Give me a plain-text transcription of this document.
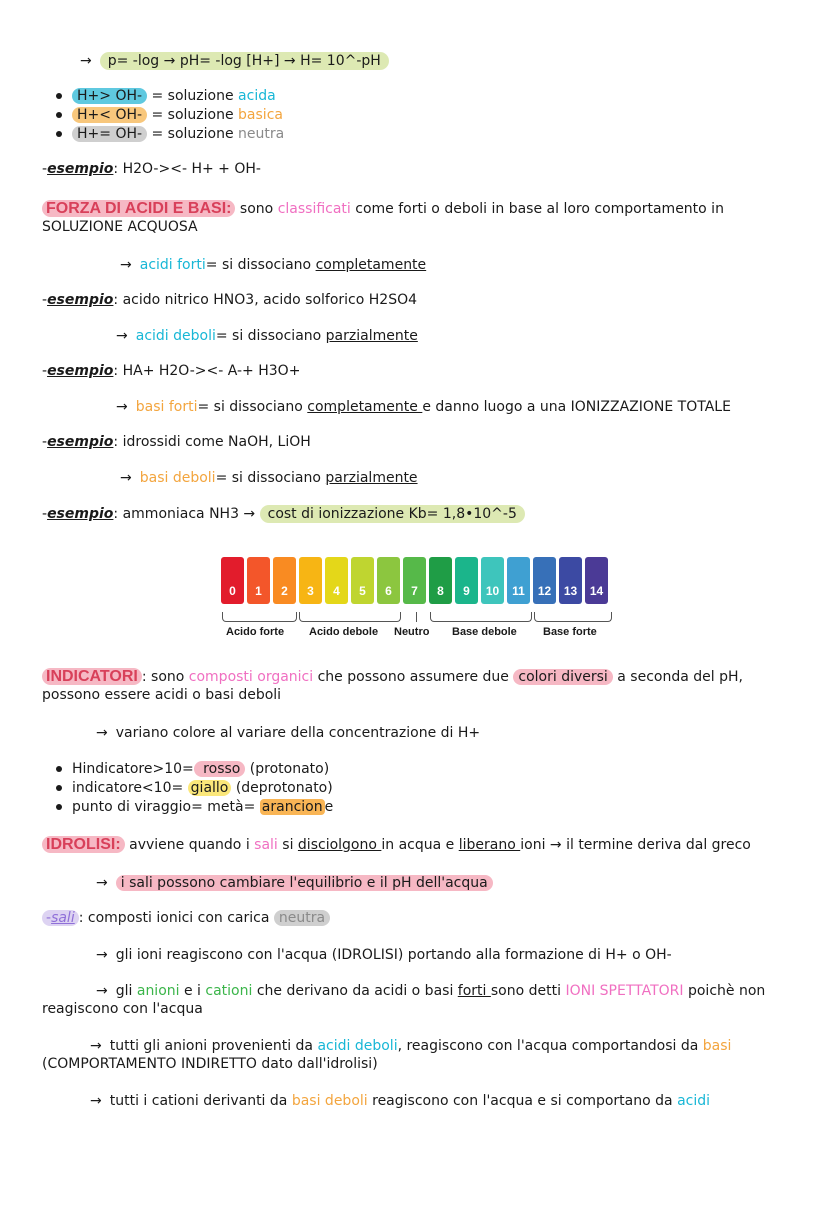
→ p= -log → pH= -log [H+] → H= 10^-pH
H+> OH- = soluzione acida
H+< OH- = soluzione basica
H+= OH- = soluzione neutra
-esempio: H2O-><- H+ + OH-
FORZA DI ACIDI E BASI: sono classificati come forti o deboli in base al loro comportamento in SOLUZIONE ACQUOSA
→ acidi forti= si dissociano completamente
-esempio: acido nitrico HNO3, acido solforico H2SO4
→ acidi deboli= si dissociano parzialmente
-esempio: HA+ H2O-><- A-+ H3O+
→ basi forti= si dissociano completamente e danno luogo a una IONIZZAZIONE TOTALE
-esempio: idrossidi come NaOH, LiOH
→ basi deboli= si dissociano parzialmente
-esempio: ammoniaca NH3 → cost di ionizzazione Kb= 1,8•10^-5
Acido forte Acido debole Neutro Base debole Base forte
0	1	2	3	4	5	6	7	8	9	10	11	12	13	14
INDICATORI : sono composti organici che possono assumere due colori diversi a seconda del pH, possono essere acidi o basi deboli
→ variano colore al variare della concentrazione di H+
Hindicatore>10= rosso (protonato)
indicatore<10= giallo (deprotonato)
punto di viraggio= metà= arancion e
IDROLISI: avviene quando i sali si disciolgono in acqua e liberano ioni → il termine deriva dal greco
→ i sali possono cambiare l'equilibrio e il pH dell'acqua
-sali : composti ionici con carica neutra
→ gli ioni reagiscono con l'acqua (IDROLISI) portando alla formazione di H+ o OH-
→ gli anioni e i cationi che derivano da acidi o basi forti sono detti IONI SPETTATORI poichè non reagiscono con l'acqua
→ tutti gli anioni provenienti da acidi deboli, reagiscono con l'acqua comportandosi da basi (COMPORTAMENTO INDIRETTO dato dall'idrolisi)
→ tutti i cationi derivanti da basi deboli reagiscono con l'acqua e si comportano da acidi
